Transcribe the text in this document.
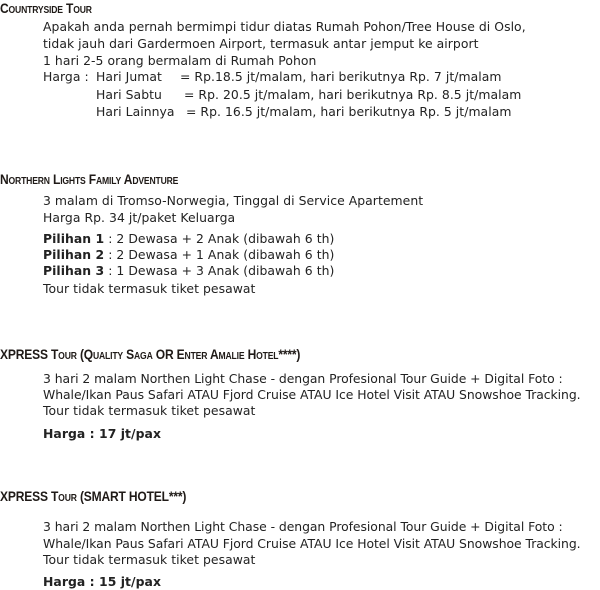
Countryside Tour
Apakah anda pernah bermimpi tidur diatas Rumah Pohon/Tree House di Oslo,
tidak jauh dari Gardermoen Airport, termasuk antar jemput ke airport
1 hari 2-5 orang bermalam di Rumah Pohon
Harga :Hari Jumat = Rp.18.5 jt/malam, hari berikutnya Rp. 7 jt/malam
Hari Sabtu = Rp. 20.5 jt/malam, hari berikutnya Rp. 8.5 jt/malam
Hari Lainnya = Rp. 16.5 jt/malam, hari berikutnya Rp. 5 jt/malam
Northern Lights Family Adventure
3 malam di Tromso-Norwegia, Tinggal di Service Apartement
Harga Rp. 34 jt/paket Keluarga
Pilihan 1 : 2 Dewasa + 2 Anak (dibawah 6 th)
Pilihan 2 : 2 Dewasa + 1 Anak (dibawah 6 th)
Pilihan 3 : 1 Dewasa + 3 Anak (dibawah 6 th)
Tour tidak termasuk tiket pesawat
XPRESS Tour (Quality Saga OR Enter Amalie Hotel****)
3 hari 2 malam Northen Light Chase - dengan Profesional Tour Guide + Digital Foto :
Whale/Ikan Paus Safari ATAU Fjord Cruise ATAU Ice Hotel Visit ATAU Snowshoe Tracking.
Tour tidak termasuk tiket pesawat
Harga : 17 jt/pax
XPRESS Tour (SMART HOTEL***)
3 hari 2 malam Northen Light Chase - dengan Profesional Tour Guide + Digital Foto :
Whale/Ikan Paus Safari ATAU Fjord Cruise ATAU Ice Hotel Visit ATAU Snowshoe Tracking.
Tour tidak termasuk tiket pesawat
Harga : 15 jt/pax
